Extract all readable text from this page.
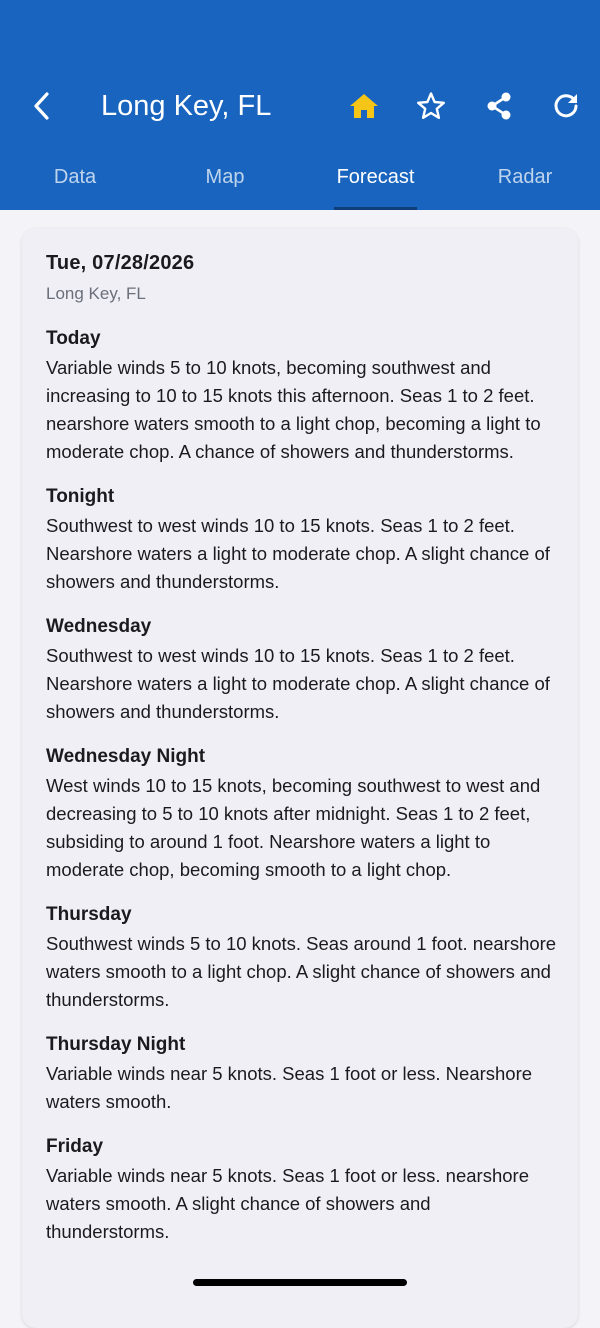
Long Key, FL
Data	Map	Forecast	Radar
Tue, 07/28/2026
Long Key, FL
Today
Variable winds 5 to 10 knots, becoming southwest and increasing to 10 to 15 knots this afternoon. Seas 1 to 2 feet. nearshore waters smooth to a light chop, becoming a light to moderate chop. A chance of showers and thunderstorms.
Tonight
Southwest to west winds 10 to 15 knots. Seas 1 to 2 feet. Nearshore waters a light to moderate chop. A slight chance of showers and thunderstorms.
Wednesday
Southwest to west winds 10 to 15 knots. Seas 1 to 2 feet. Nearshore waters a light to moderate chop. A slight chance of showers and thunderstorms.
Wednesday Night
West winds 10 to 15 knots, becoming southwest to west and decreasing to 5 to 10 knots after midnight. Seas 1 to 2 feet, subsiding to around 1 foot. Nearshore waters a light to moderate chop, becoming smooth to a light chop.
Thursday
Southwest winds 5 to 10 knots. Seas around 1 foot. nearshore waters smooth to a light chop. A slight chance of showers and thunderstorms.
Thursday Night
Variable winds near 5 knots. Seas 1 foot or less. Nearshore waters smooth.
Friday
Variable winds near 5 knots. Seas 1 foot or less. nearshore waters smooth. A slight chance of showers and thunderstorms.
